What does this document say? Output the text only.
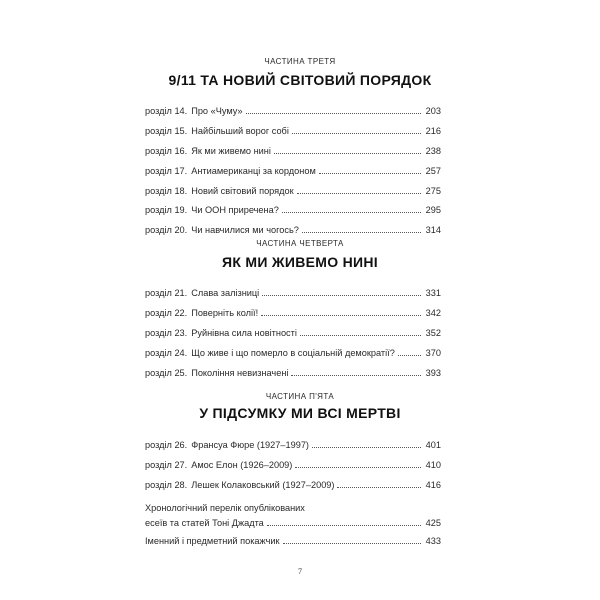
ЧАСТИНА ТРЕТЯ
9/11 ТА НОВИЙ СВІТОВИЙ ПОРЯДОК
розділ 14. Про «Чуму»	203
розділ 15. Найбільший ворог собі	216
розділ 16. Як ми живемо нині	238
розділ 17. Антиамериканці за кордоном	257
розділ 18. Новий світовий порядок	275
розділ 19. Чи ООН приречена?	295
розділ 20. Чи навчилися ми чогось?	314
ЧАСТИНА ЧЕТВЕРТА
ЯК МИ ЖИВЕМО НИНІ
розділ 21. Слава залізниці	331
розділ 22. Поверніть колії!	342
розділ 23. Руйнівна сила новітності	352
розділ 24. Що живе і що померло в соціальній демократії?	370
розділ 25. Покоління невизначені	393
ЧАСТИНА П'ЯТА
У ПІДСУМКУ МИ ВСІ МЕРТВІ
розділ 26. Франсуа Фюре (1927–1997)	401
розділ 27. Амос Елон (1926–2009)	410
розділ 28. Лешек Колаковський (1927–2009)	416
Хронологічний перелік опублікованих
есеїв та статей Тоні Джадта	425
Іменний і предметний покажчик	433
7
